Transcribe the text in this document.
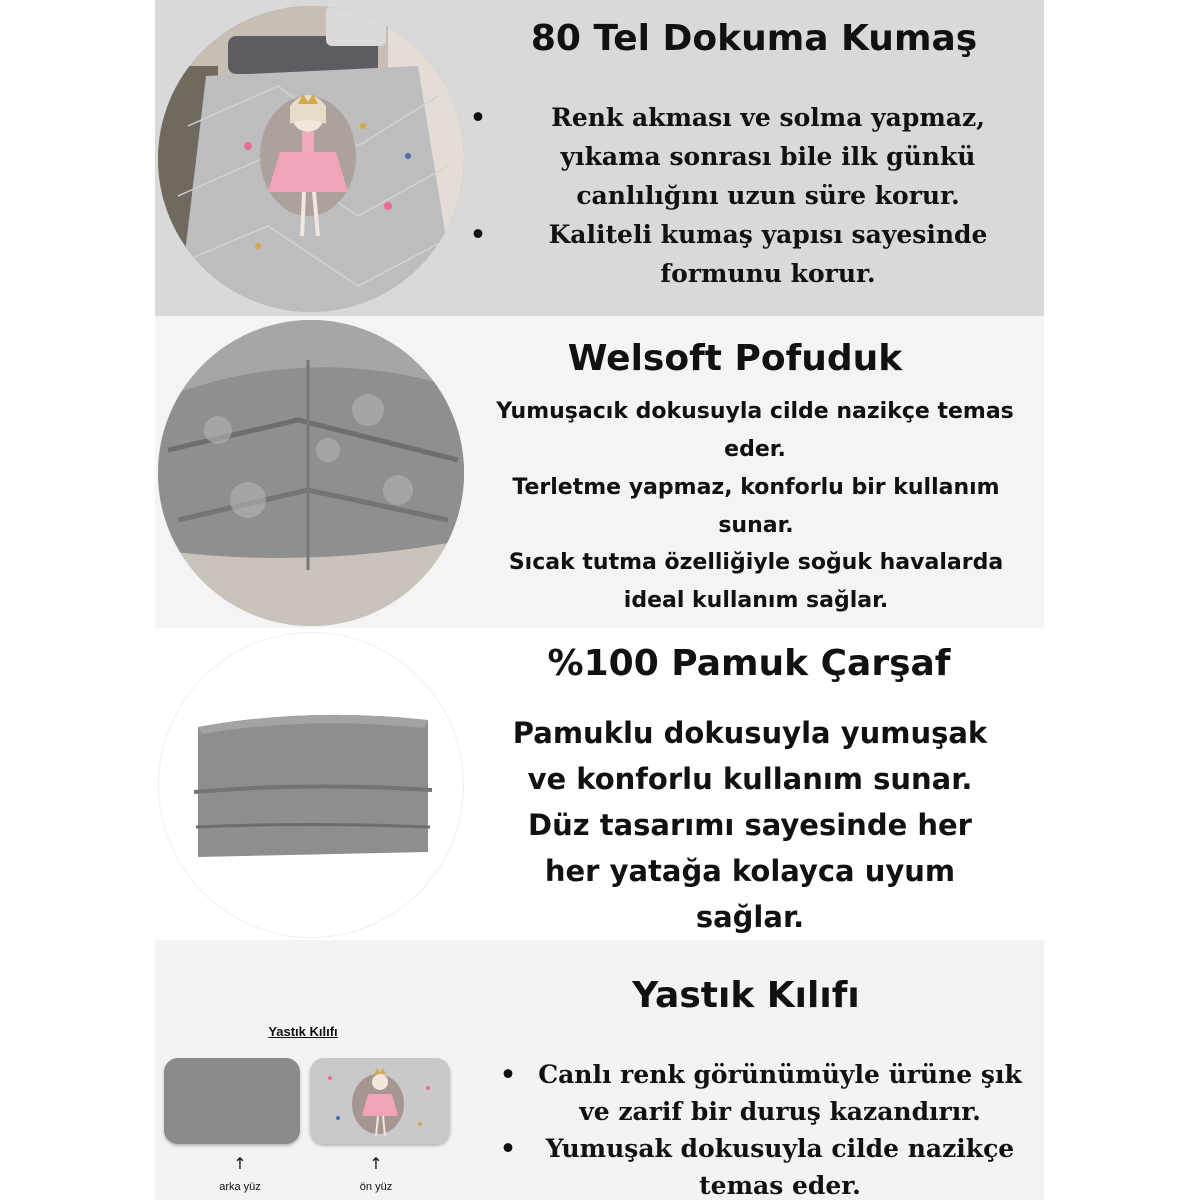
80 Tel Dokuma Kumaş
•	Renk akması ve solma yapmaz, yıkama sonrası bile ilk günkü canlılığını uzun süre korur.
•	Kaliteli kumaş yapısı sayesinde formunu korur.
Welsoft Pofuduk
Yumuşacık dokusuyla cilde nazikçe temas eder.
Terletme yapmaz, konforlu bir kullanım sunar.
Sıcak tutma özelliğiyle soğuk havalarda ideal kullanım sağlar.
%100 Pamuk Çarşaf
Pamuklu dokusuyla yumuşak ve konforlu kullanım sunar. Düz tasarımı sayesinde her her yatağa kolayca uyum sağlar.
Yastık Kılıfı
↑	↑
arka yüz	ön yüz
Yastık Kılıfı
• Canlı renk görünümüyle ürüne şık ve zarif bir duruş kazandırır.
• Yumuşak dokusuyla cilde nazikçe temas eder.
